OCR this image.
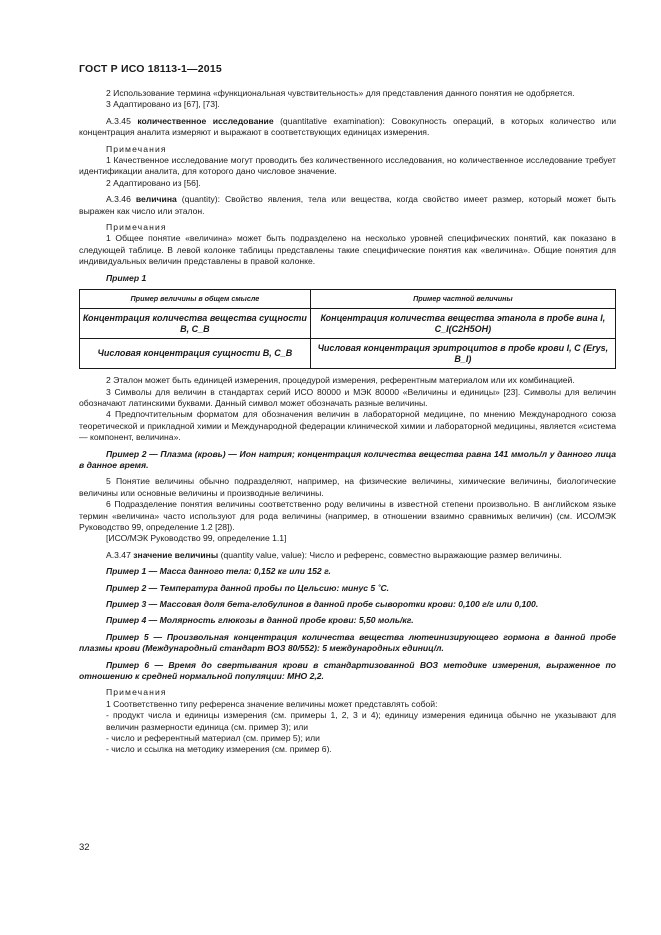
ГОСТ Р ИСО 18113-1—2015

2 Использование термина «функциональная чувствительность» для представления данного понятия не одобряется.

3 Адаптировано из [67], [73].

А.3.45 количественное исследование (quantitative examination): Совокупность операций, в которых количество или концентрация аналита измеряют и выражают в соответствующих единицах измерения.

Примечания

1 Качественное исследование могут проводить без количественного исследования, но количественное исследование требует идентификации аналита, для которого дано числовое значение.

2 Адаптировано из [56].

А.3.46 величина (quantity): Свойство явления, тела или вещества, когда свойство имеет размер, который может быть выражен как число или эталон.

Примечания

1 Общее понятие «величина» может быть подразделено на несколько уровней специфических понятий, как показано в следующей таблице. В левой колонке таблицы представлены такие специфические понятия как «величина». Общие понятия для индивидуальных величин представлены в правой колонке.

Пример 1

Пример величины в общем смысле	Пример частной величины
Концентрация количества вещества сущности B, C_B	Концентрация количества вещества этанола в пробе вина I, C_I(C2H5OH)
Числовая концентрация сущности B, C_B	Числовая концентрация эритроцитов в пробе крови I, C (Erys, B_I)

2 Эталон может быть единицей измерения, процедурой измерения, референтным материалом или их комбинацией.

3 Символы для величин в стандартах серий ИСО 80000 и МЭК 80000 «Величины и единицы» [23]. Символы для величин обозначают латинскими буквами. Данный символ может обозначать разные величины.

4 Предпочтительным форматом для обозначения величин в лабораторной медицине, по мнению Международного союза теоретической и прикладной химии и Международной федерации клинической химии и лабораторной медицины, является «система — компонент, величина».

Пример 2 — Плазма (кровь) — Ион натрия; концентрация количества вещества равна 141 ммоль/л у данного лица в данное время.

5 Понятие величины обычно подразделяют, например, на физические величины, химические величины, биологические величины или основные величины и производные величины.

6 Подразделение понятия величины соответственно роду величины в известной степени произвольно. В английском языке термин «величина» часто используют для рода величины (например, в отношении взаимно сравнимых величин) (см. ИСО/МЭК Руководство 99, определение 1.2 [28]).

[ИСО/МЭК Руководство 99, определение 1.1]

А.3.47 значение величины (quantity value, value): Число и референс, совместно выражающие размер величины.

Пример 1 — Масса данного тела: 0,152 кг или 152 г.

Пример 2 — Температура данной пробы по Цельсию: минус 5 ˚С.

Пример 3 — Массовая доля бета-глобулинов в данной пробе сыворотки крови: 0,100 г/г или 0,100.

Пример 4 — Молярность глюкозы в данной пробе крови: 5,50 моль/кг.

Пример 5 — Произвольная концентрация количества вещества лютеинизирующего гормона в данной пробе плазмы крови (Международный стандарт ВОЗ 80/552): 5 международных единиц/л.

Пример 6 — Время до свертывания крови в стандартизованной ВОЗ методике измерения, выраженное по отношению к средней нормальной популяции: МНО 2,2.

Примечания

1 Соответственно типу референса значение величины может представлять собой:

- продукт числа и единицы измерения (см. примеры 1, 2, 3 и 4); единицу измерения единица обычно не указывают для величин размерности единица (см. пример 3); или

- число и референтный материал (см. пример 5); или

- число и ссылка на методику измерения (см. пример 6).

32
